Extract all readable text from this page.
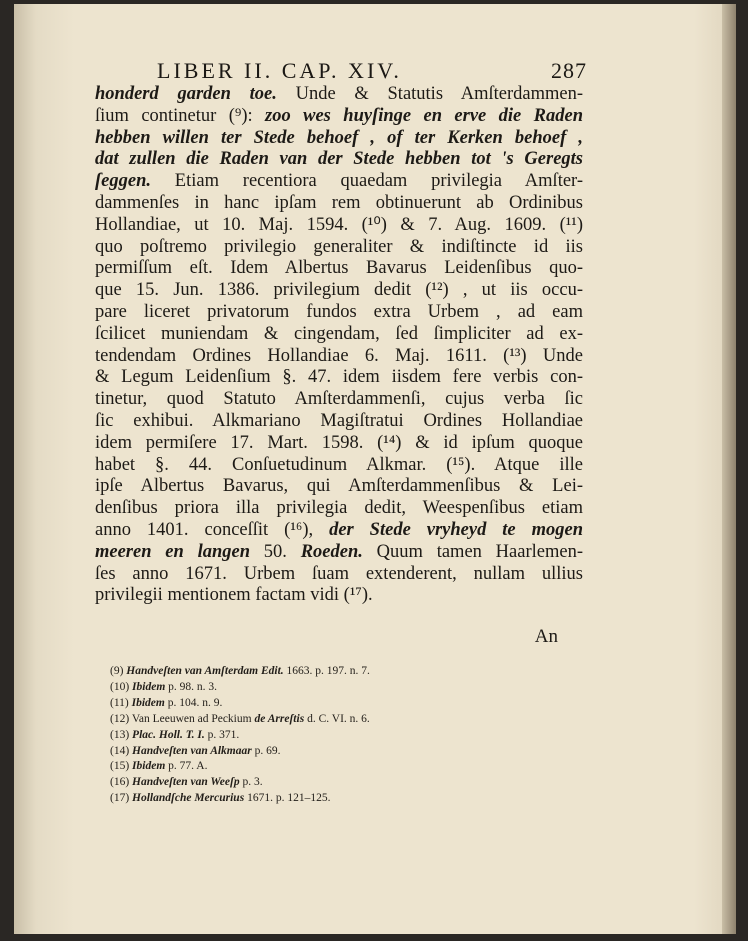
LIBER II. CAP. XIV.	287
honderd garden toe. Unde & Statutis Amſterdammen-
ſium continetur (⁹): zoo wes huyſinge en erve die Raden
hebben willen ter Stede behoef , of ter Kerken behoef ,
dat zullen die Raden van der Stede hebben tot 's Geregts
ſeggen. Etiam recentiora quaedam privilegia Amſter-
dammenſes in hanc ipſam rem obtinuerunt ab Ordinibus
Hollandiae, ut 10. Maj. 1594. (¹⁰) & 7. Aug. 1609. (¹¹)
quo poſtremo privilegio generaliter & indiſtincte id iis
permiſſum eſt. Idem Albertus Bavarus Leidenſibus quo-
que 15. Jun. 1386. privilegium dedit (¹²) , ut iis occu-
pare liceret privatorum fundos extra Urbem , ad eam
ſcilicet muniendam & cingendam, ſed ſimpliciter ad ex-
tendendam Ordines Hollandiae 6. Maj. 1611. (¹³) Unde
& Legum Leidenſium §. 47. idem iisdem fere verbis con-
tinetur, quod Statuto Amſterdammenſi, cujus verba ſic
ſic exhibui. Alkmariano Magiſtratui Ordines Hollandiae
idem permiſere 17. Mart. 1598. (¹⁴) & id ipſum quoque
habet §. 44. Conſuetudinum Alkmar. (¹⁵). Atque ille
ipſe Albertus Bavarus, qui Amſterdammenſibus & Lei-
denſibus priora illa privilegia dedit, Weespenſibus etiam
anno 1401. conceſſit (¹⁶), der Stede vryheyd te mogen
meeren en langen 50. Roeden. Quum tamen Haarlemen-
ſes anno 1671. Urbem ſuam extenderent, nullam ullius
privilegii mentionem factam vidi (¹⁷).
An
(9) Handveſten van Amſterdam Edit. 1663. p. 197. n. 7.
(10) Ibidem p. 98. n. 3.
(11) Ibidem p. 104. n. 9.
(12) Van Leeuwen ad Peckium de Arreſtis d. C. VI. n. 6.
(13) Plac. Holl. T. I. p. 371.
(14) Handveſten van Alkmaar p. 69.
(15) Ibidem p. 77. A.
(16) Handveſten van Weeſp p. 3.
(17) Hollandſche Mercurius 1671. p. 121–125.
